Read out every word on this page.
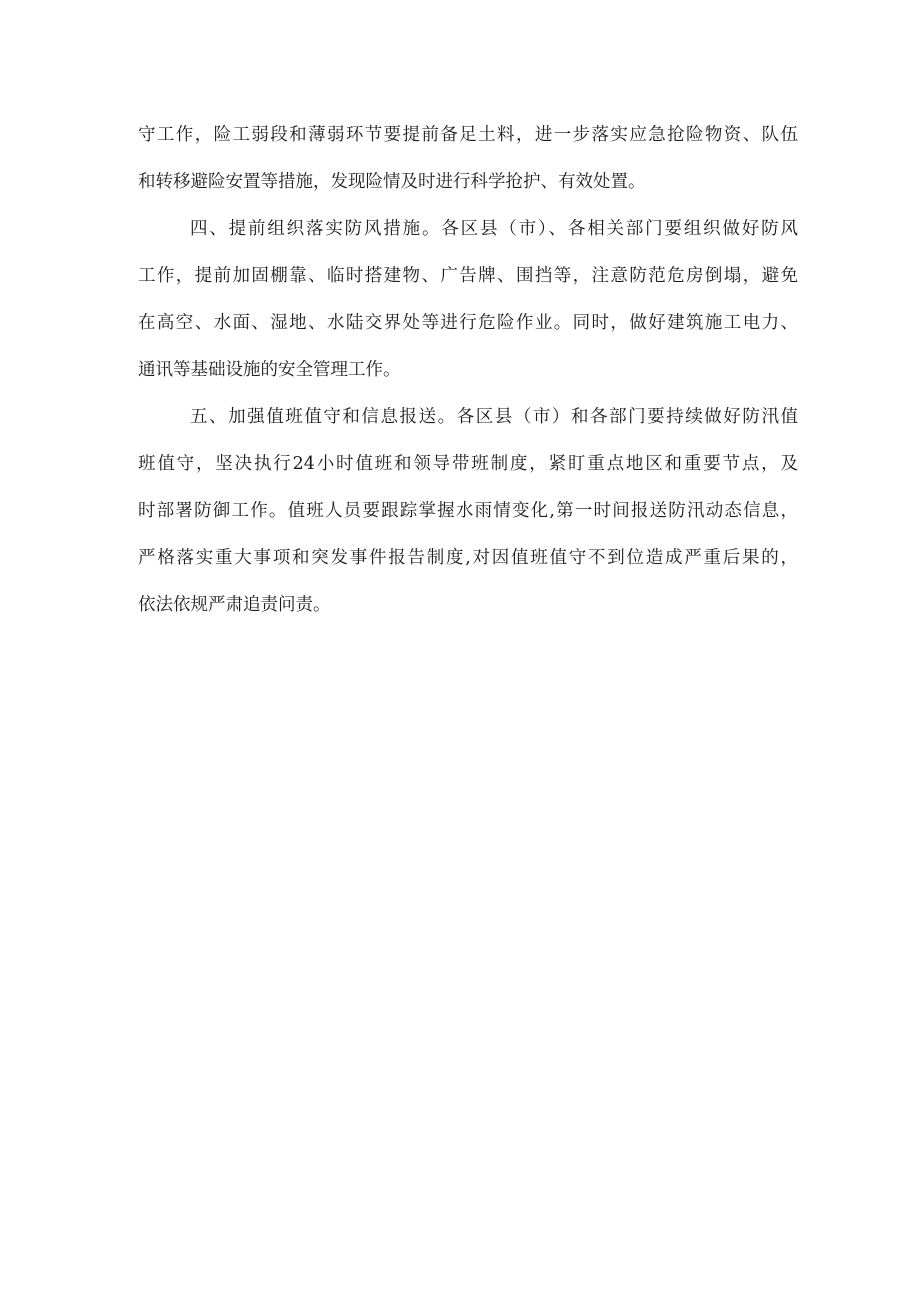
守工作，险工弱段和薄弱环节要提前备足土料，进一步落实应急抢险物资、队伍
和转移避险安置等措施，发现险情及时进行科学抢护、有效处置。
四、提前组织落实防风措施。各区县（市）、各相关部门要组织做好防风
工作，提前加固棚靠、临时搭建物、广告牌、围挡等，注意防范危房倒塌，避免
在高空、水面、湿地、水陆交界处等进行危险作业。同时，做好建筑施工电力、
通讯等基础设施的安全管理工作。
五、加强值班值守和信息报送。各区县（市）和各部门要持续做好防汛值
班值守，坚决执行24小时值班和领导带班制度，紧盯重点地区和重要节点，及
时部署防御工作。值班人员要跟踪掌握水雨情变化,第一时间报送防汛动态信息，
严格落实重大事项和突发事件报告制度,对因值班值守不到位造成严重后果的，
依法依规严肃追责问责。
